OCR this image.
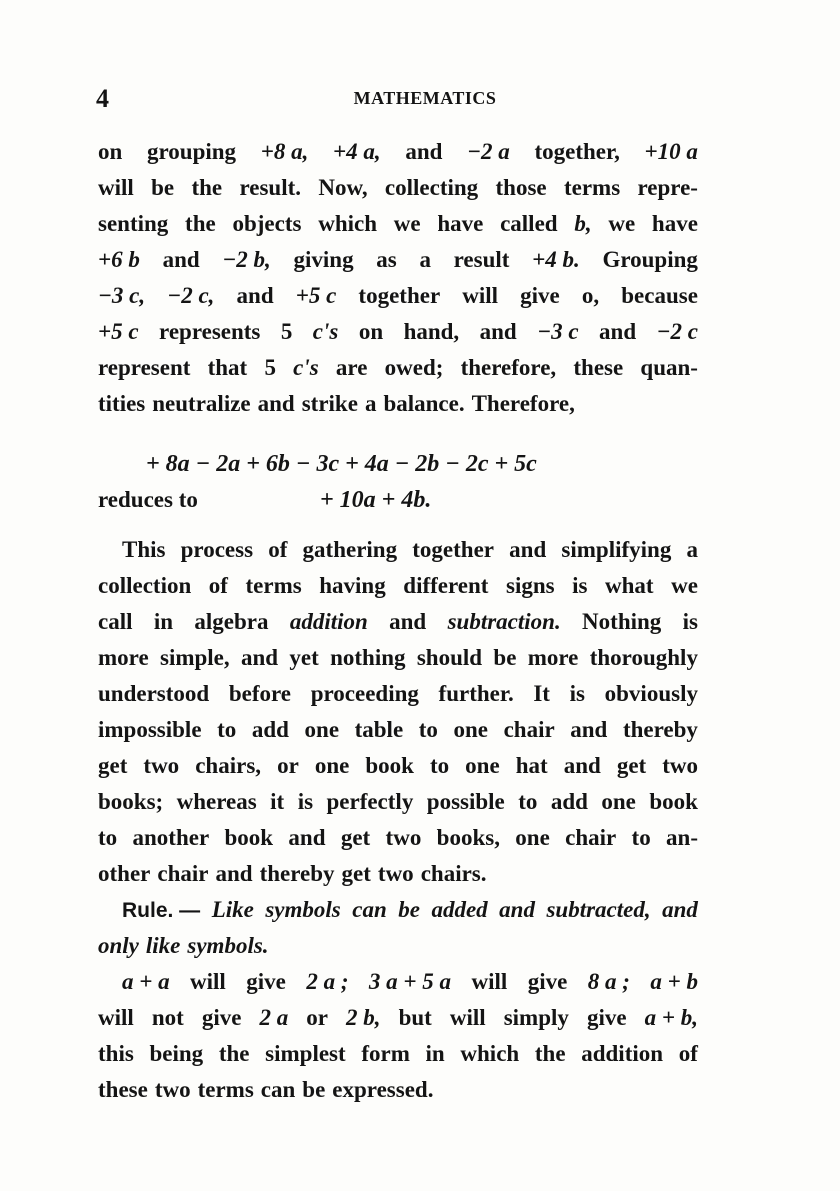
4	MATHEMATICS
on grouping +8 a, +4 a, and −2 a together, +10 a
will be the result. Now, collecting those terms repre-
senting the objects which we have called b, we have
+6 b and −2 b, giving as a result +4 b. Grouping
−3 c, −2 c, and +5 c together will give o, because
+5 c represents 5 c's on hand, and −3 c and −2 c
represent that 5 c's are owed; therefore, these quan-
tities neutralize and strike a balance. Therefore,
+ 8a − 2a + 6b − 3c + 4a − 2b − 2c + 5c
reduces to	+ 10a + 4b.
This process of gathering together and simplifying a
collection of terms having different signs is what we
call in algebra addition and subtraction. Nothing is
more simple, and yet nothing should be more thoroughly
understood before proceeding further. It is obviously
impossible to add one table to one chair and thereby
get two chairs, or one book to one hat and get two
books; whereas it is perfectly possible to add one book
to another book and get two books, one chair to an-
other chair and thereby get two chairs.
Rule. — Like symbols can be added and subtracted, and
only like symbols.
a + a will give 2 a ; 3 a + 5 a will give 8 a ; a + b
will not give 2 a or 2 b, but will simply give a + b,
this being the simplest form in which the addition of
these two terms can be expressed.
